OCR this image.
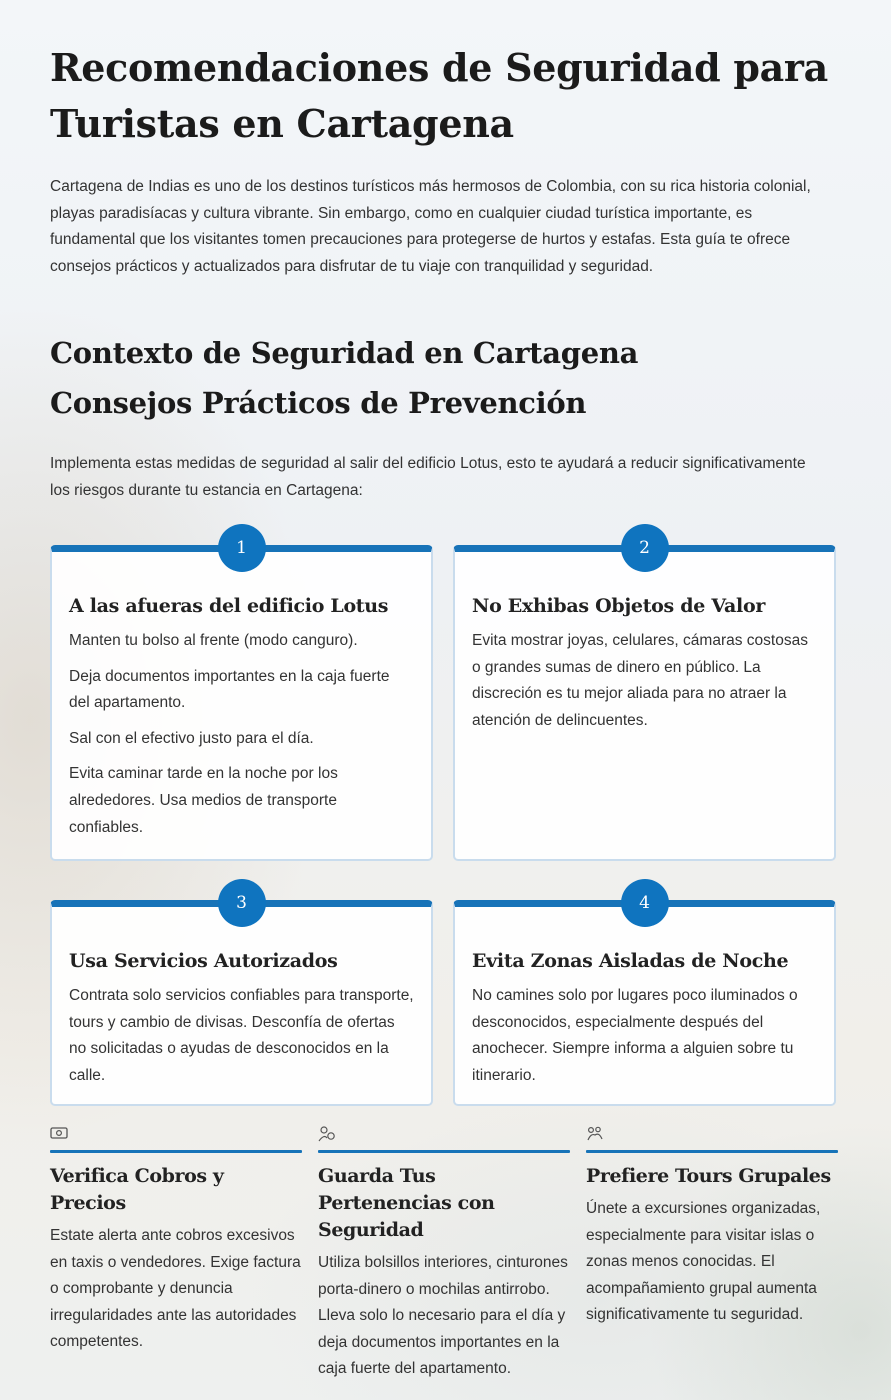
Recomendaciones de Seguridad para Turistas en Cartagena

Cartagena de Indias es uno de los destinos turísticos más hermosos de Colombia, con su rica historia colonial, playas paradisíacas y cultura vibrante. Sin embargo, como en cualquier ciudad turística importante, es fundamental que los visitantes tomen precauciones para protegerse de hurtos y estafas. Esta guía te ofrece consejos prácticos y actualizados para disfrutar de tu viaje con tranquilidad y seguridad.

Contexto de Seguridad en Cartagena
Consejos Prácticos de Prevención

Implementa estas medidas de seguridad al salir del edificio Lotus, esto te ayudará a reducir significativamente los riesgos durante tu estancia en Cartagena:

1
A las afueras del edificio Lotus

Manten tu bolso al frente (modo canguro).

Deja documentos importantes en la caja fuerte del apartamento.

Sal con el efectivo justo para el día.

Evita caminar tarde en la noche por los alrededores. Usa medios de transporte confiables.

2
No Exhibas Objetos de Valor

Evita mostrar joyas, celulares, cámaras costosas o grandes sumas de dinero en público. La discreción es tu mejor aliada para no atraer la atención de delincuentes.

3
Usa Servicios Autorizados

Contrata solo servicios confiables para transporte, tours y cambio de divisas. Desconfía de ofertas no solicitadas o ayudas de desconocidos en la calle.

4
Evita Zonas Aisladas de Noche

No camines solo por lugares poco iluminados o desconocidos, especialmente después del anochecer. Siempre informa a alguien sobre tu itinerario.

Verifica Cobros y Precios

Estate alerta ante cobros excesivos en taxis o vendedores. Exige factura o comprobante y denuncia irregularidades ante las autoridades competentes.

Guarda Tus Pertenencias con Seguridad

Utiliza bolsillos interiores, cinturones porta-dinero o mochilas antirrobo. Lleva solo lo necesario para el día y deja documentos importantes en la caja fuerte del apartamento.

Prefiere Tours Grupales

Únete a excursiones organizadas, especialmente para visitar islas o zonas menos conocidas. El acompañamiento grupal aumenta significativamente tu seguridad.
